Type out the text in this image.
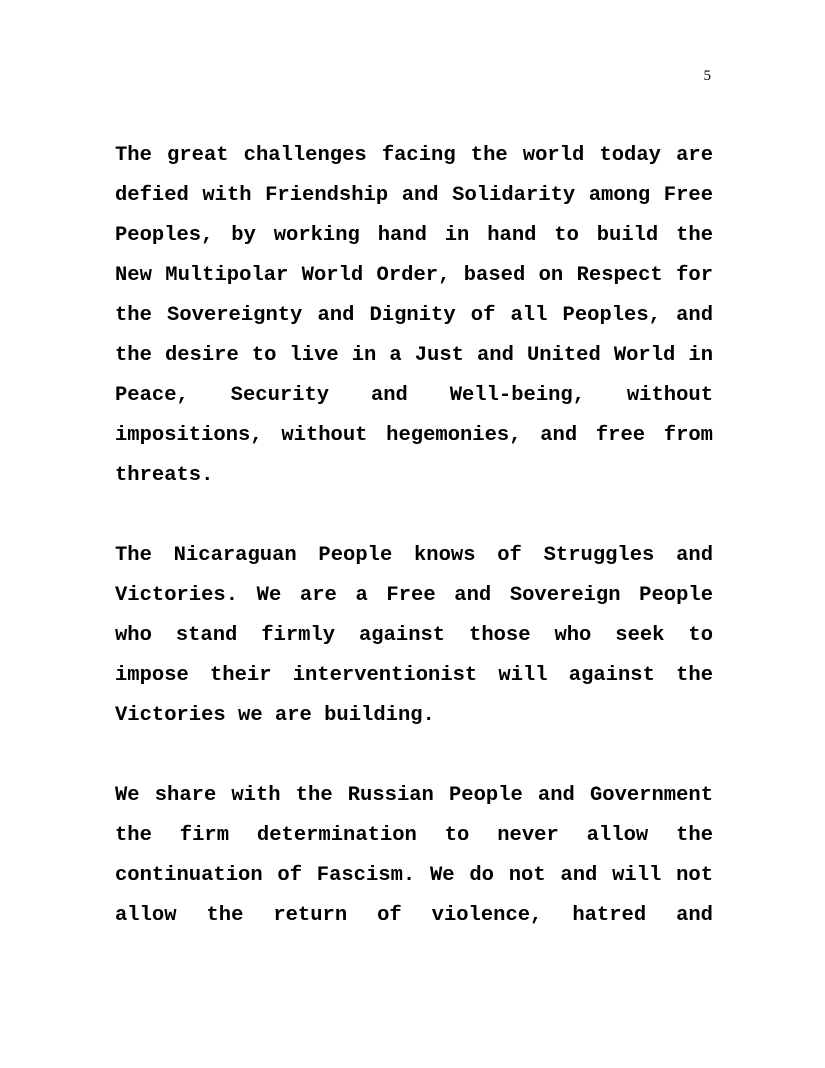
5

The great challenges facing the world today are defied with Friendship and Solidarity among Free Peoples, by working hand in hand to build the New Multipolar World Order, based on Respect for the Sovereignty and Dignity of all Peoples, and the desire to live in a Just and United World in Peace, Security and Well-being, without impositions, without hegemonies, and free from threats.

The Nicaraguan People knows of Struggles and Victories. We are a Free and Sovereign People who stand firmly against those who seek to impose their interventionist will against the Victories we are building.

We share with the Russian People and Government the firm determination to never allow the continuation of Fascism. We do not and will not allow the return of violence, hatred and
